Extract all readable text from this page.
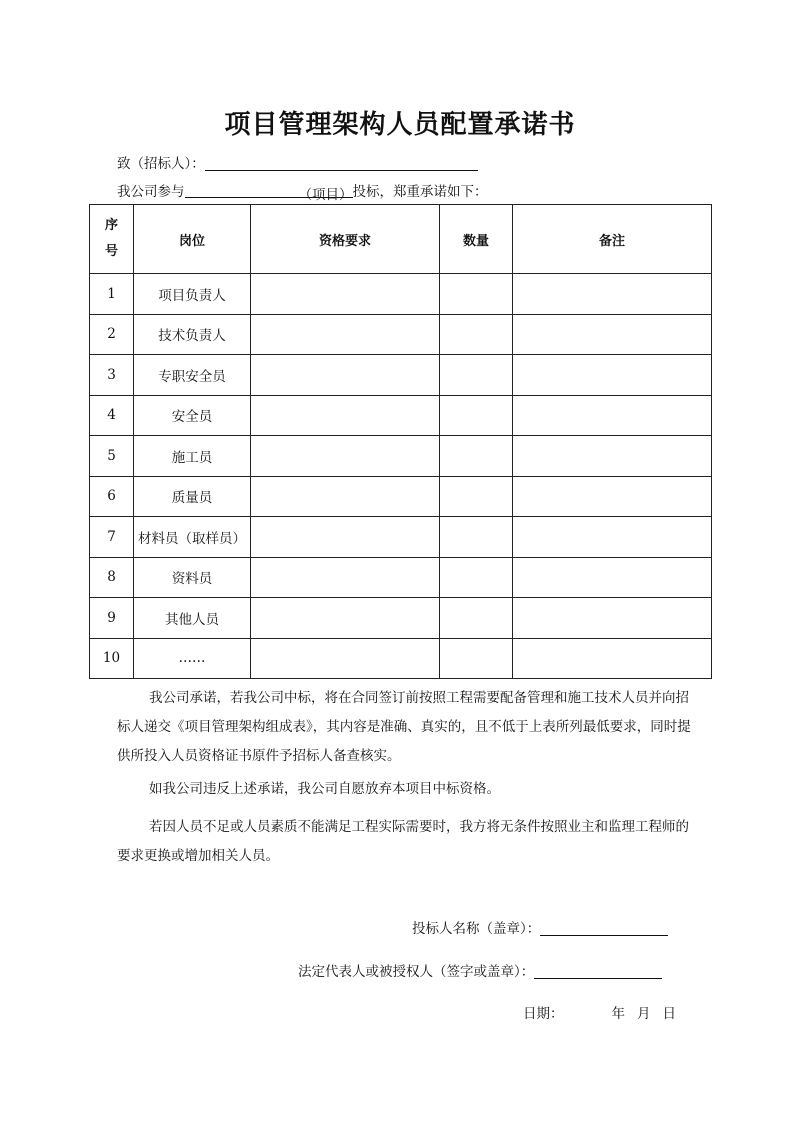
项目管理架构人员配置承诺书
致（招标人）：
我公司参与	（项目）投标，郑重承诺如下：
序
号	岗位	资格要求	数量	备注
1	项目负责人			
2	技术负责人			
3	专职安全员			
4	安全员			
5	施工员			
6	质量员			
7	材料员（取样员）			
8	资料员			
9	其他人员			
10	……			
我公司承诺，若我公司中标，将在合同签订前按照工程需要配备管理和施工技术人员并向招标人递交《项目管理架构组成表》，其内容是准确、真实的，且不低于上表所列最低要求，同时提供所投入人员资格证书原件予招标人备查核实。
如我公司违反上述承诺，我公司自愿放弃本项目中标资格。
若因人员不足或人员素质不能满足工程实际需要时，我方将无条件按照业主和监理工程师的要求更换或增加相关人员。
投标人名称（盖章）：
法定代表人或被授权人（签字或盖章）：
日期：	年 月 日
